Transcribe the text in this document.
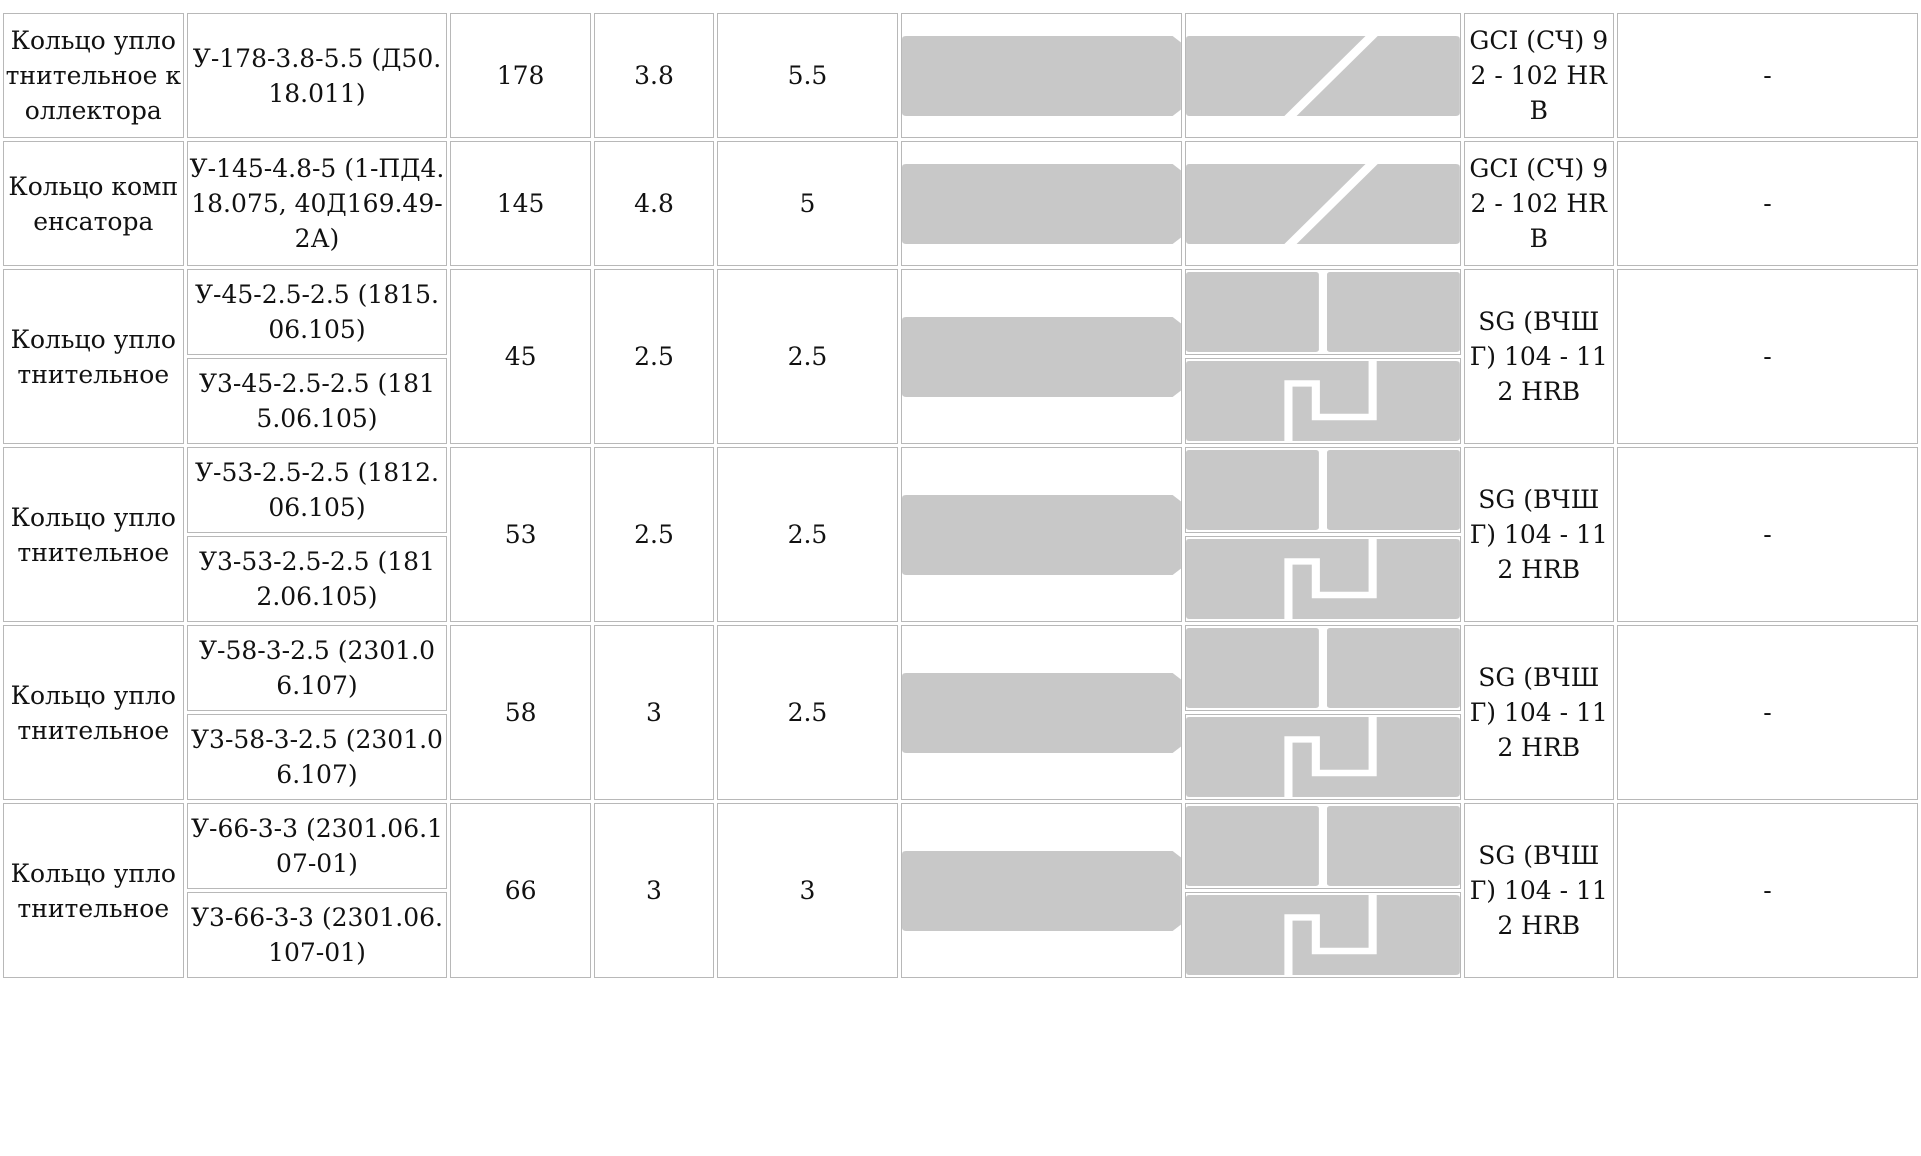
Кольцо уплотнительное коллектора	У-178-3.8-5.5 (Д50.18.011)	178	3.8	5.5			GCI (СЧ) 92 - 102 HRB	-

Кольцо компенсатора	У-145-4.8-5 (1-ПД4.18.075, 40Д169.49-2А)	145	4.8	5			GCI (СЧ) 92 - 102 HRB	-

Кольцо уплотнительное	У-45-2.5-2.5 (1815.06.105)	45	2.5	2.5			SG (ВЧШГ) 104 - 112 HRB	-

	У3-45-2.5-2.5 (1815.06.105)

Кольцо уплотнительное	У-53-2.5-2.5 (1812.06.105)	53	2.5	2.5			SG (ВЧШГ) 104 - 112 HRB	-

	У3-53-2.5-2.5 (1812.06.105)

Кольцо уплотнительное	У-58-3-2.5 (2301.06.107)	58	3	2.5			SG (ВЧШГ) 104 - 112 HRB	-

	У3-58-3-2.5 (2301.06.107)

Кольцо уплотнительное	У-66-3-3 (2301.06.107-01)	66	3	3			SG (ВЧШГ) 104 - 112 HRB	-

	У3-66-3-3 (2301.06.107-01)
